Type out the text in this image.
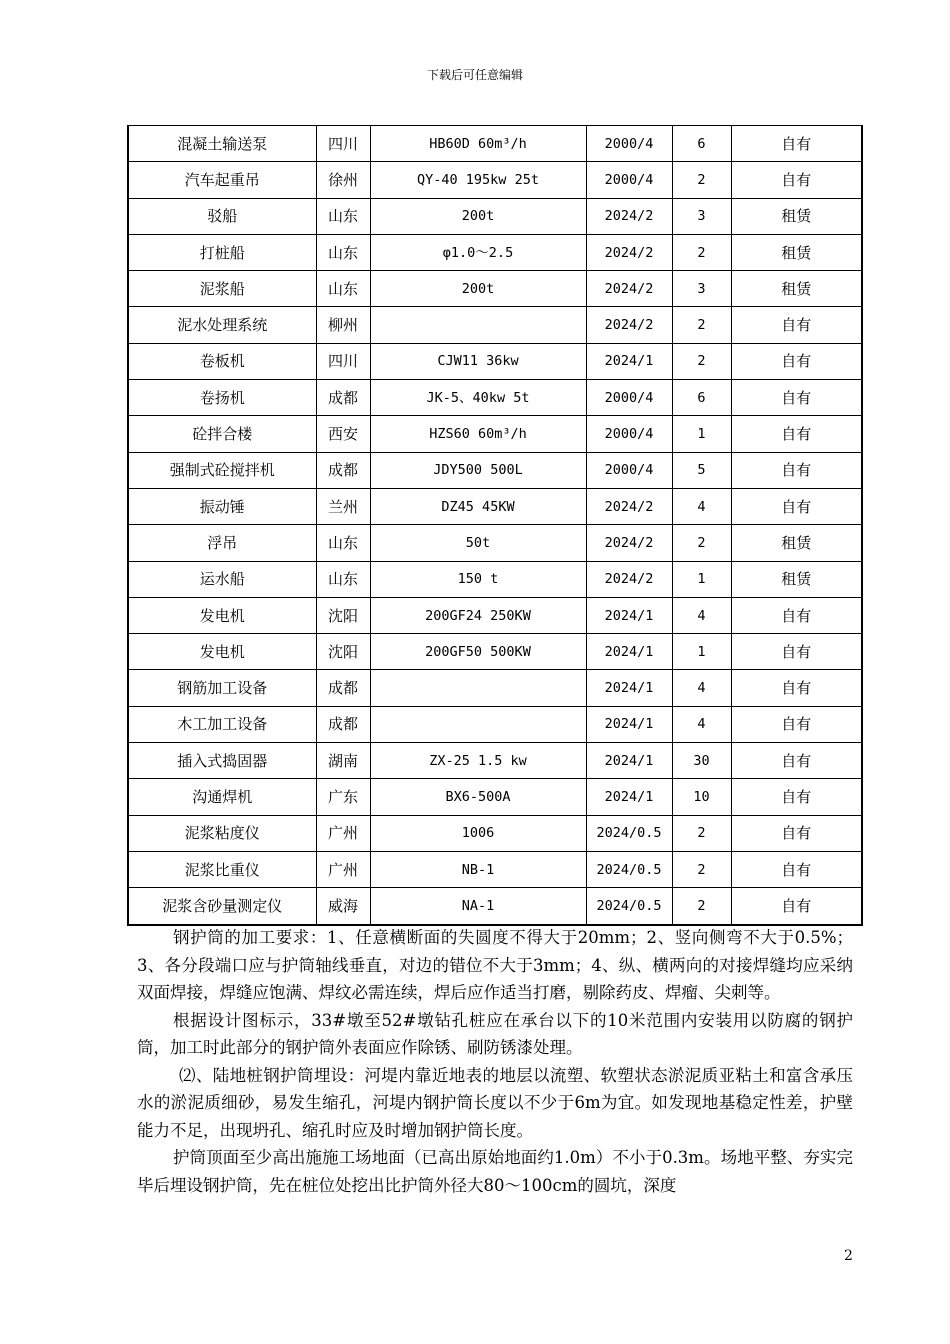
下载后可任意编辑
混凝土输送泵	四川	HB60D 60m³/h	2000/4	6	自有
汽车起重吊	徐州	QY-40 195kw 25t	2000/4	2	自有
驳船	山东	200t	2024/2	3	租赁
打桩船	山东	φ1.0～2.5	2024/2	2	租赁
泥浆船	山东	200t	2024/2	3	租赁
泥水处理系统	柳州		2024/2	2	自有
卷板机	四川	CJW11 36kw	2024/1	2	自有
卷扬机	成都	JK-5、40kw 5t	2000/4	6	自有
砼拌合楼	西安	HZS60 60m³/h	2000/4	1	自有
强制式砼搅拌机	成都	JDY500 500L	2000/4	5	自有
振动锤	兰州	DZ45 45KW	2024/2	4	自有
浮吊	山东	50t	2024/2	2	租赁
运水船	山东	150 t	2024/2	1	租赁
发电机	沈阳	200GF24 250KW	2024/1	4	自有
发电机	沈阳	200GF50 500KW	2024/1	1	自有
钢筋加工设备	成都		2024/1	4	自有
木工加工设备	成都		2024/1	4	自有
插入式捣固器	湖南	ZX-25 1.5 kw	2024/1	30	自有
沟通焊机	广东	BX6-500A	2024/1	10	自有
泥浆粘度仪	广州	1006	2024/0.5	2	自有
泥浆比重仪	广州	NB-1	2024/0.5	2	自有
泥浆含砂量测定仪	威海	NA-1	2024/0.5	2	自有

钢护筒的加工要求：1、任意横断面的失圆度不得大于20mm；2、竖向侧弯不大于0.5%；3、各分段端口应与护筒轴线垂直，对边的错位不大于3mm；4、纵、横两向的对接焊缝均应采纳双面焊接，焊缝应饱满、焊纹必需连续，焊后应作适当打磨，剔除药皮、焊瘤、尖刺等。

根据设计图标示，33#墩至52#墩钻孔桩应在承台以下的10米范围内安装用以防腐的钢护筒，加工时此部分的钢护筒外表面应作除锈、刷防锈漆处理。

⑵、陆地桩钢护筒埋设：河堤内靠近地表的地层以流塑、软塑状态淤泥质亚粘土和富含承压水的淤泥质细砂，易发生缩孔，河堤内钢护筒长度以不少于6m为宜。如发现地基稳定性差，护壁能力不足，出现坍孔、缩孔时应及时增加钢护筒长度。

护筒顶面至少高出施施工场地面（已高出原始地面约1.0m）不小于0.3m。场地平整、夯实完毕后埋设钢护筒，先在桩位处挖出比护筒外径大80～100cm的圆坑，深度

2
